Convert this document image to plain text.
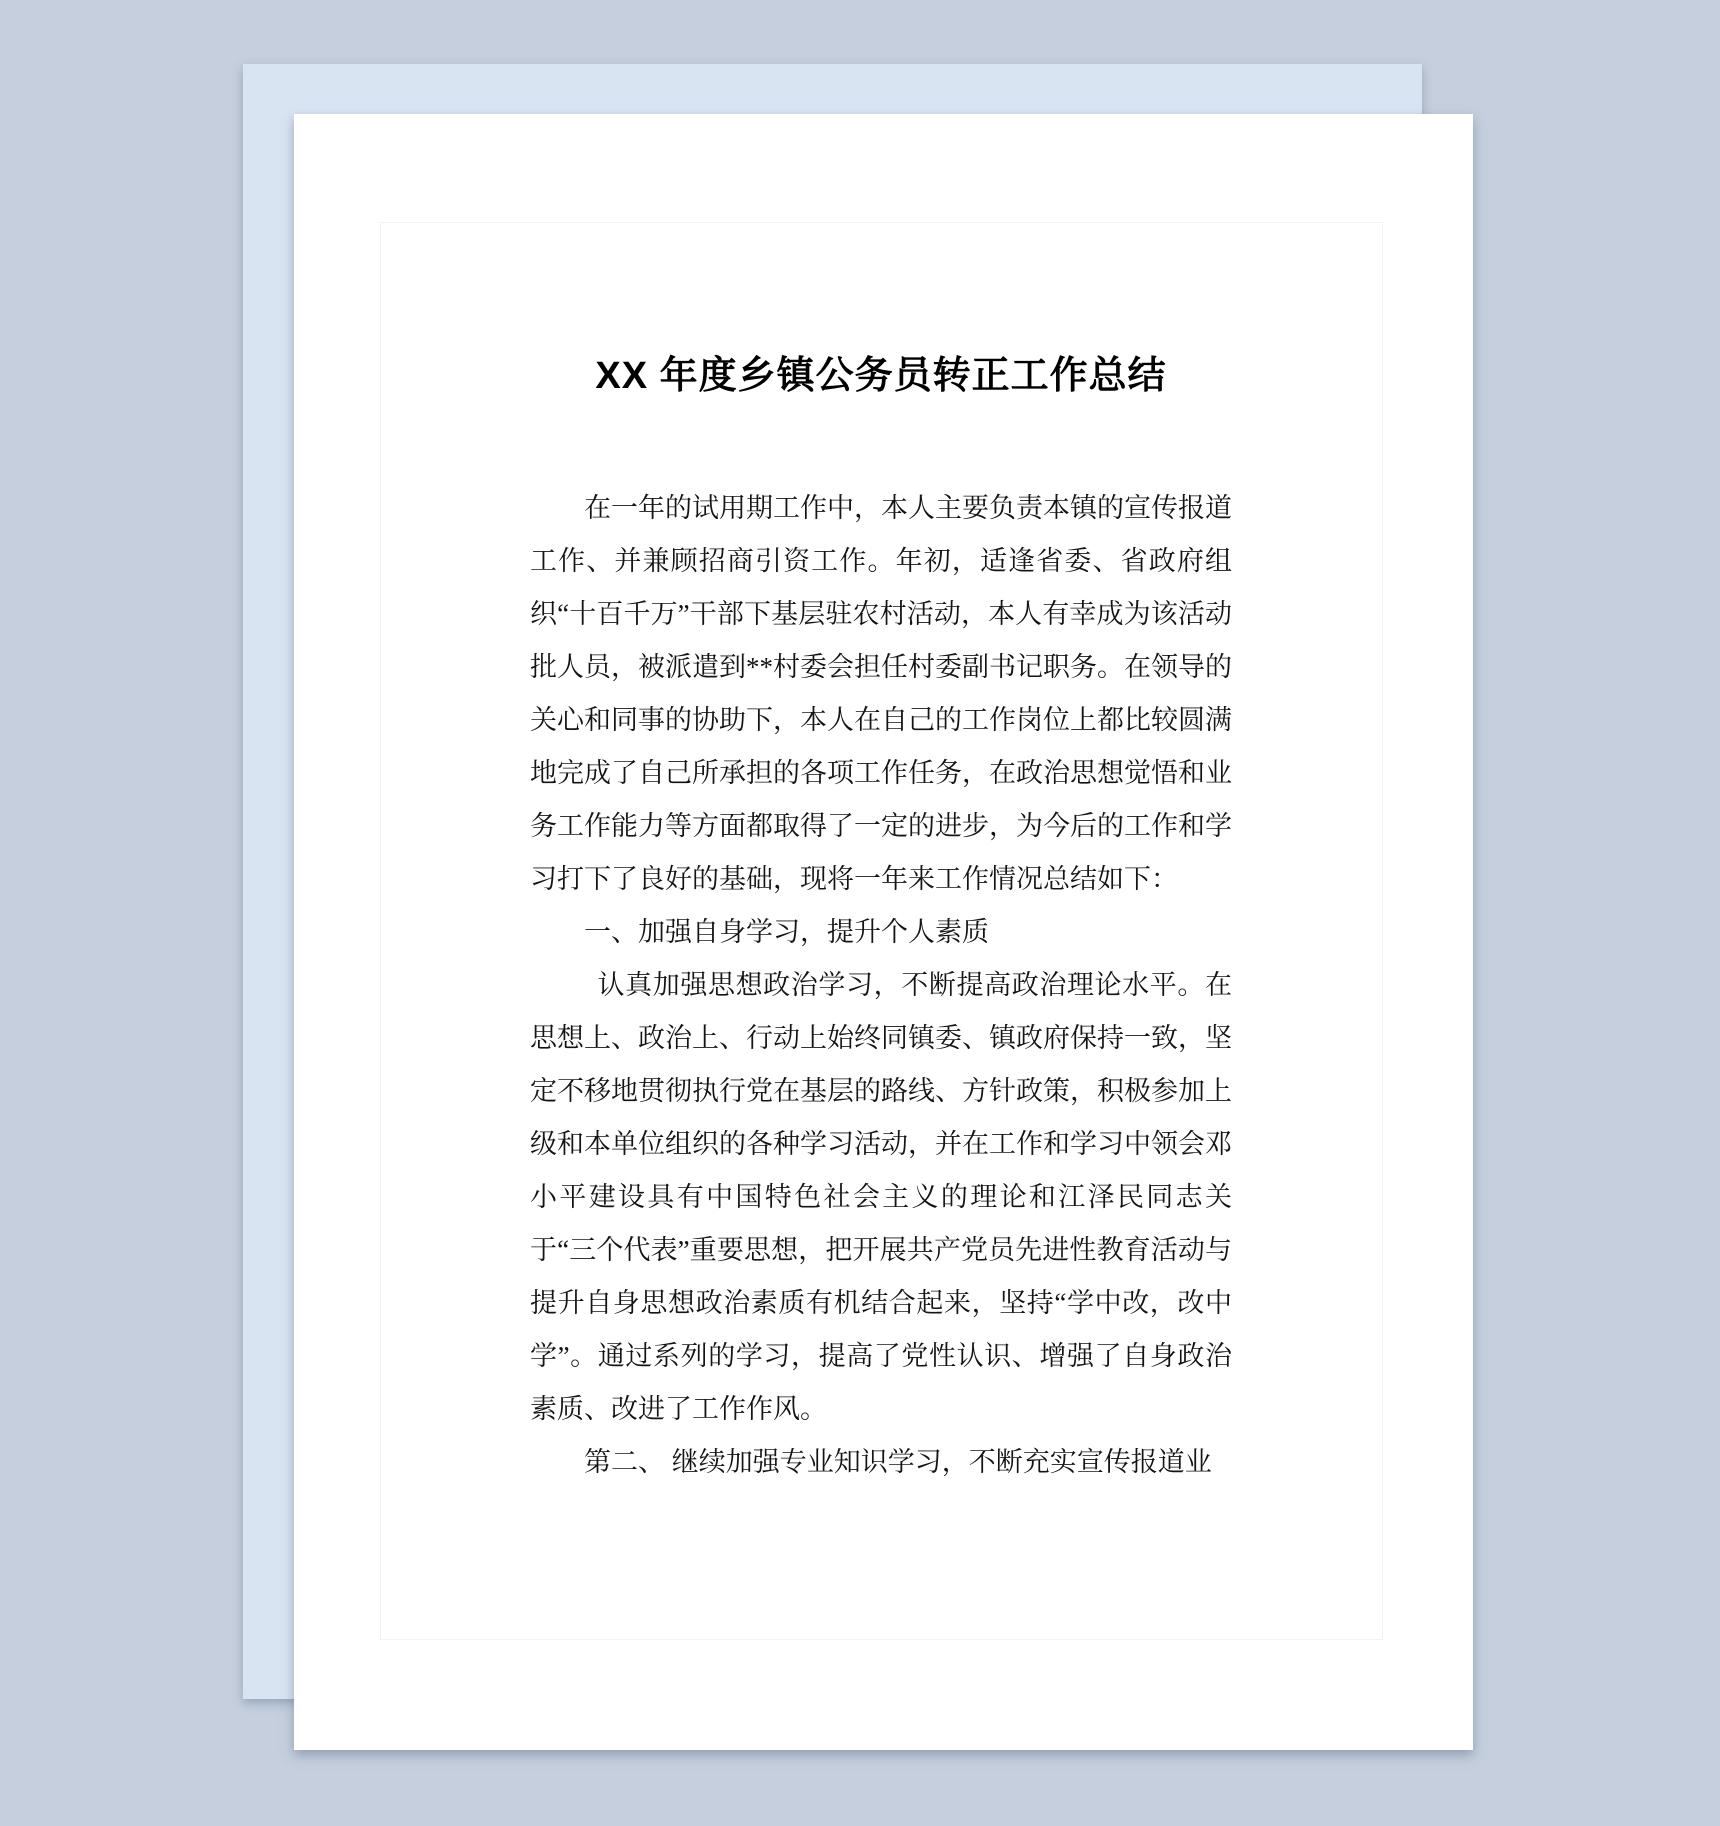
XX 年度乡镇公务员转正工作总结

在一年的试用期工作中，本人主要负责本镇的宣传报道工作、并兼顾招商引资工作。年初，适逢省委、省政府组织“十百千万”干部下基层驻农村活动，本人有幸成为该活动批人员，被派遣到**村委会担任村委副书记职务。在领导的关心和同事的协助下，本人在自己的工作岗位上都比较圆满地完成了自己所承担的各项工作任务，在政治思想觉悟和业务工作能力等方面都取得了一定的进步，为今后的工作和学习打下了良好的基础，现将一年来工作情况总结如下：

一、加强自身学习，提升个人素质

认真加强思想政治学习，不断提高政治理论水平。在思想上、政治上、行动上始终同镇委、镇政府保持一致，坚定不移地贯彻执行党在基层的路线、方针政策，积极参加上级和本单位组织的各种学习活动，并在工作和学习中领会邓小平建设具有中国特色社会主义的理论和江泽民同志关于“三个代表”重要思想，把开展共产党员先进性教育活动与提升自身思想政治素质有机结合起来，坚持“学中改，改中学”。通过系列的学习，提高了党性认识、增强了自身政治素质、改进了工作作风。

第二、 继续加强专业知识学习，不断充实宣传报道业
